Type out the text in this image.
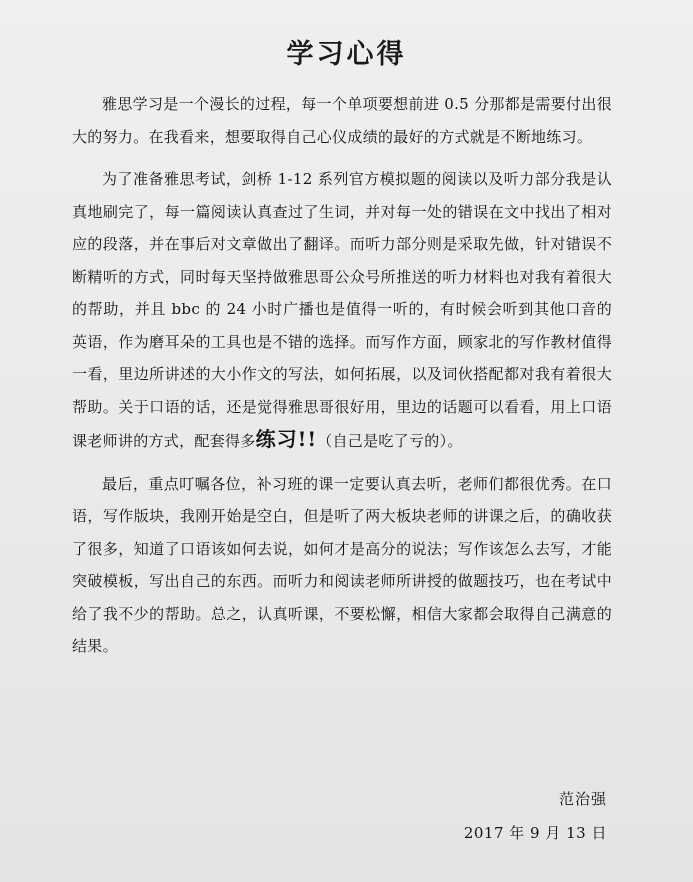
学习心得

雅思学习是一个漫长的过程，每一个单项要想前进 0.5 分那都是需要付出很大的努力。在我看来，想要取得自己心仪成绩的最好的方式就是不断地练习。

为了准备雅思考试，剑桥 1-12 系列官方模拟题的阅读以及听力部分我是认真地刷完了，每一篇阅读认真查过了生词，并对每一处的错误在文中找出了相对应的段落，并在事后对文章做出了翻译。而听力部分则是采取先做，针对错误不断精听的方式，同时每天坚持做雅思哥公众号所推送的听力材料也对我有着很大的帮助，并且 bbc 的 24 小时广播也是值得一听的，有时候会听到其他口音的英语，作为磨耳朵的工具也是不错的选择。而写作方面，顾家北的写作教材值得一看，里边所讲述的大小作文的写法，如何拓展，以及词伙搭配都对我有着很大帮助。关于口语的话，还是觉得雅思哥很好用，里边的话题可以看看，用上口语课老师讲的方式，配套得多练习!!（自己是吃了亏的）。

最后，重点叮嘱各位，补习班的课一定要认真去听，老师们都很优秀。在口语，写作版块，我刚开始是空白，但是听了两大板块老师的讲课之后，的确收获了很多，知道了口语该如何去说，如何才是高分的说法；写作该怎么去写，才能突破模板，写出自己的东西。而听力和阅读老师所讲授的做题技巧，也在考试中给了我不少的帮助。总之，认真听课，不要松懈，相信大家都会取得自己满意的结果。

范治强
2017 年 9 月 13 日
